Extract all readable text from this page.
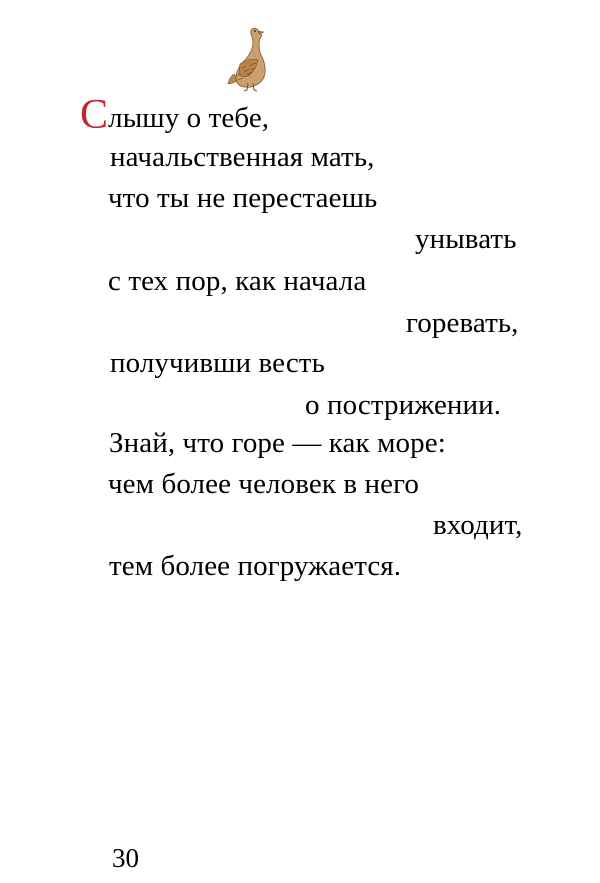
Слышу о тебе,
начальственная мать,
что ты не перестаешь
унывать
с тех пор, как начала
горевать,
получивши весть
о пострижении.
Знай, что горе — как море:
чем более человек в него
входит,
тем более погружается.
30
